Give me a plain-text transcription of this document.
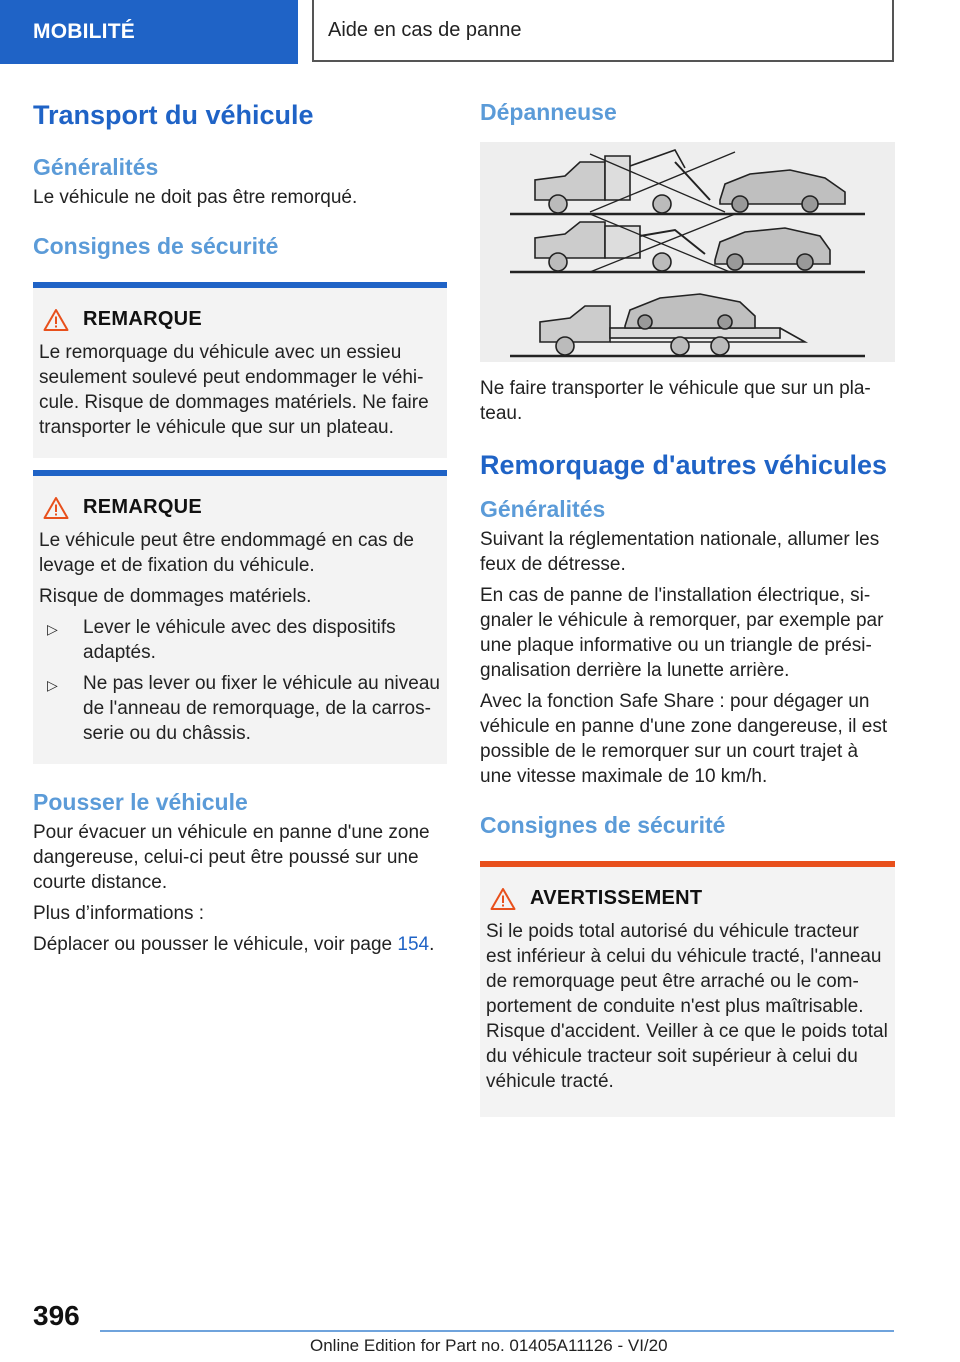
MOBILITÉ	Aide en cas de panne
Transport du véhicule
Généralités

Le véhicule ne doit pas être remorqué.

Consignes de sécurité
REMARQUE

Le remorquage du véhicule avec un essieu seulement soulevé peut endommager le véhi-cule. Risque de dommages matériels. Ne faire transporter le véhicule que sur un plateau.

REMARQUE

Le véhicule peut être endommagé en cas de levage et de fixation du véhicule.

Risque de dommages matériels.

▷	Lever le véhicule avec des dispositifs adaptés.
▷	Ne pas lever ou fixer le véhicule au niveau de l'anneau de remorquage, de la carros-serie ou du châssis.
Pousser le véhicule

Pour évacuer un véhicule en panne d'une zone dangereuse, celui-ci peut être poussé sur une courte distance.

Plus d’informations :

Déplacer ou pousser le véhicule, voir page 154.

Dépanneuse

Ne faire transporter le véhicule que sur un pla-teau.

Remorquage d'autres véhicules
Généralités

Suivant la réglementation nationale, allumer les feux de détresse.

En cas de panne de l'installation électrique, si-gnaler le véhicule à remorquer, par exemple par une plaque informative ou un triangle de prési-gnalisation derrière la lunette arrière.

Avec la fonction Safe Share : pour dégager un véhicule en panne d'une zone dangereuse, il est possible de le remorquer sur un court trajet à une vitesse maximale de 10 km/h.

Consignes de sécurité
AVERTISSEMENT

Si le poids total autorisé du véhicule tracteur est inférieur à celui du véhicule tracté, l'anneau de remorquage peut être arraché ou le com-portement de conduite n'est plus maîtrisable. Risque d'accident. Veiller à ce que le poids total du véhicule tracteur soit supérieur à celui du véhicule tracté.

396
Online Edition for Part no. 01405A11126 - VI/20
